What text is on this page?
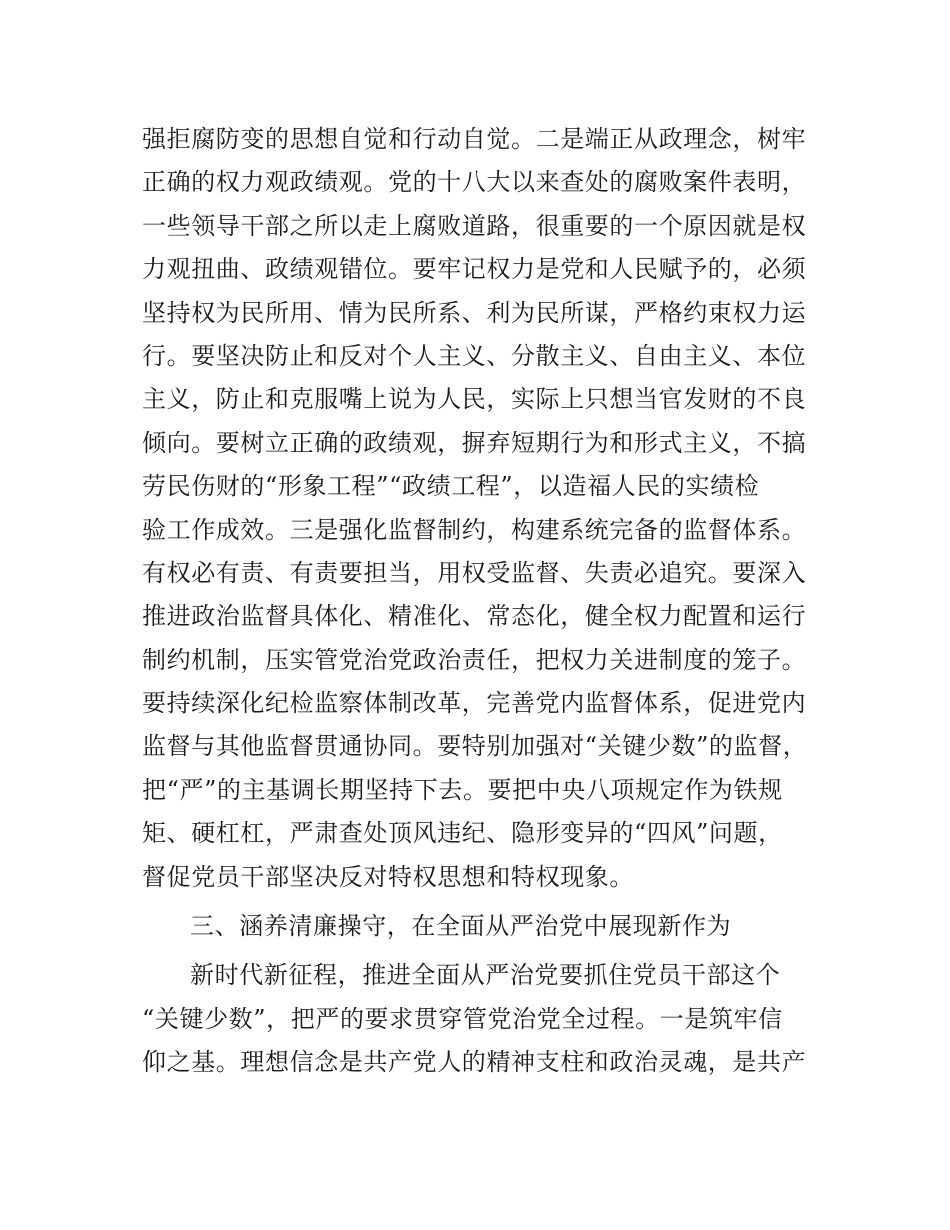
强拒腐防变的思想自觉和行动自觉。二是端正从政理念，树牢
正确的权力观政绩观。党的十八大以来查处的腐败案件表明，
一些领导干部之所以走上腐败道路，很重要的一个原因就是权
力观扭曲、政绩观错位。要牢记权力是党和人民赋予的，必须
坚持权为民所用、情为民所系、利为民所谋，严格约束权力运
行。要坚决防止和反对个人主义、分散主义、自由主义、本位
主义，防止和克服嘴上说为人民，实际上只想当官发财的不良
倾向。要树立正确的政绩观，摒弃短期行为和形式主义，不搞
劳民伤财的“形象工程”“政绩工程”，以造福人民的实绩检
验工作成效。三是强化监督制约，构建系统完备的监督体系。
有权必有责、有责要担当，用权受监督、失责必追究。要深入
推进政治监督具体化、精准化、常态化，健全权力配置和运行
制约机制，压实管党治党政治责任，把权力关进制度的笼子。
要持续深化纪检监察体制改革，完善党内监督体系，促进党内
监督与其他监督贯通协同。要特别加强对“关键少数”的监督，
把“严”的主基调长期坚持下去。要把中央八项规定作为铁规
矩、硬杠杠，严肃查处顶风违纪、隐形变异的“四风”问题，
督促党员干部坚决反对特权思想和特权现象。
三、涵养清廉操守，在全面从严治党中展现新作为
新时代新征程，推进全面从严治党要抓住党员干部这个
“关键少数”，把严的要求贯穿管党治党全过程。一是筑牢信
仰之基。理想信念是共产党人的精神支柱和政治灵魂，是共产
